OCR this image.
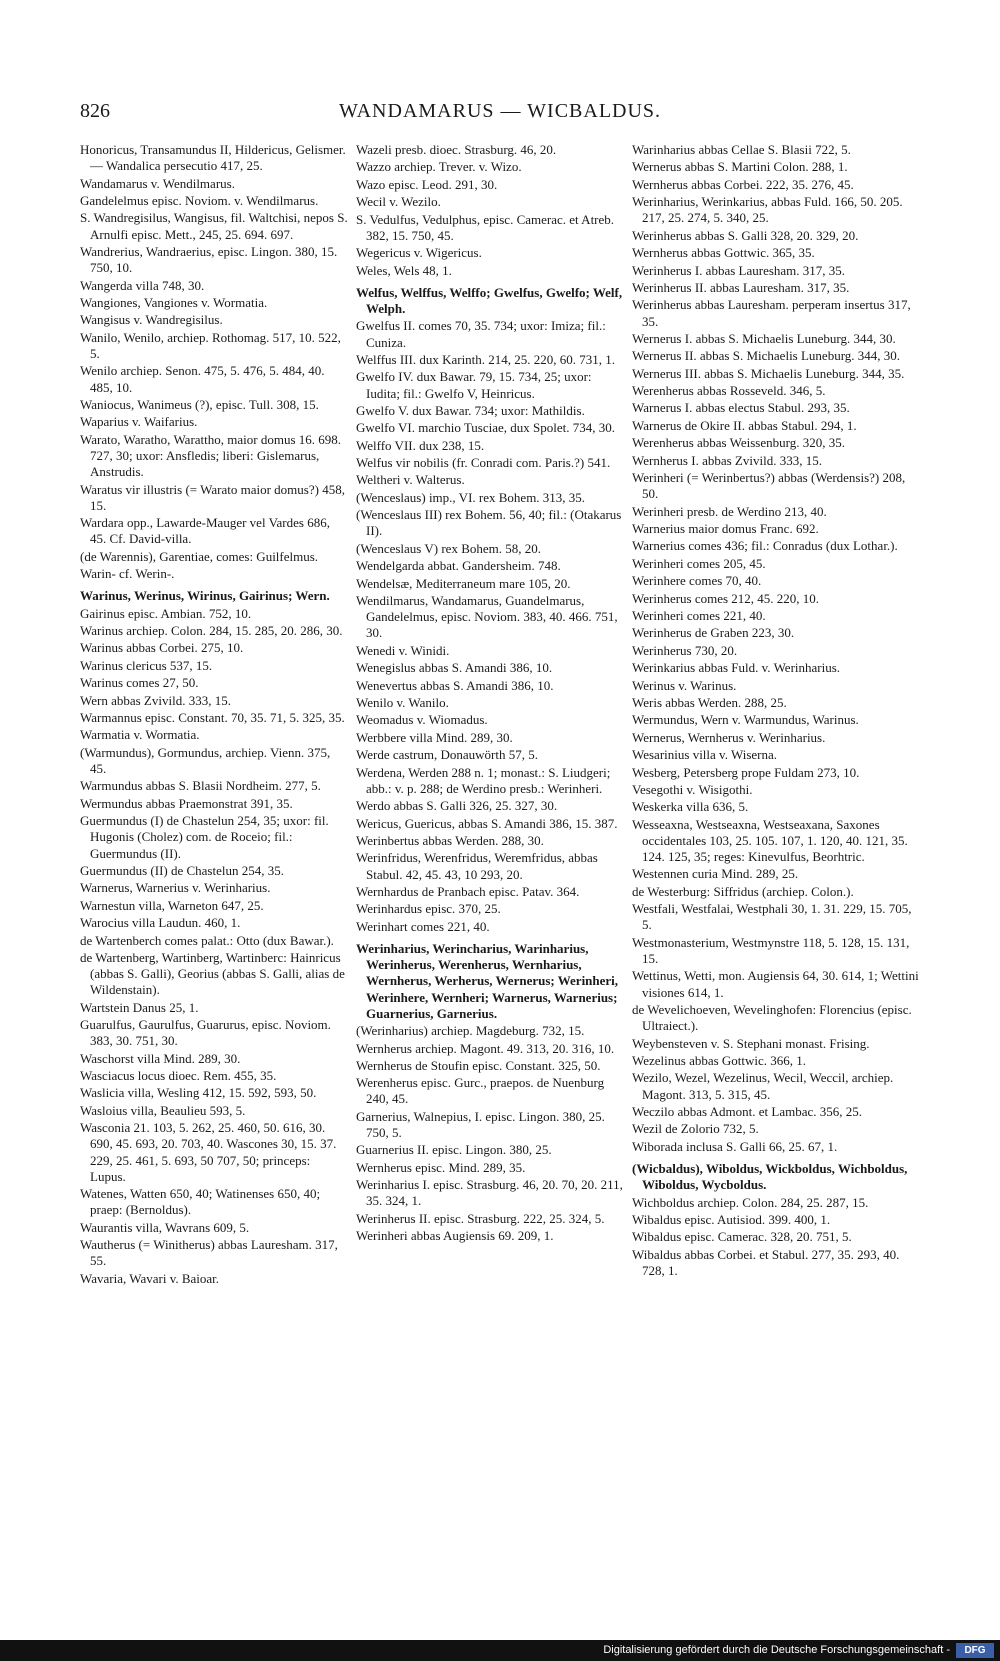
826	WANDAMARUS — WICBALDUS.

Honoricus, Transamundus II, Hildericus, Gelismer. — Wandalica persecutio 417, 25.

Wandamarus v. Wendilmarus.

Gandelelmus episc. Noviom. v. Wendilmarus.

S. Wandregisilus, Wangisus, fil. Waltchisi, nepos S. Arnulfi episc. Mett., 245, 25. 694. 697.

Wandrerius, Wandraerius, episc. Lingon. 380, 15. 750, 10.

Wangerda villa 748, 30.

Wangiones, Vangiones v. Wormatia.

Wangisus v. Wandregisilus.

Wanilo, Wenilo, archiep. Rothomag. 517, 10. 522, 5.

Wenilo archiep. Senon. 475, 5. 476, 5. 484, 40. 485, 10.

Waniocus, Wanimeus (?), episc. Tull. 308, 15.

Waparius v. Waifarius.

Warato, Waratho, Warattho, maior domus 16. 698. 727, 30; uxor: Ansfledis; liberi: Gislemarus, Anstrudis.

Waratus vir illustris (= Warato maior domus?) 458, 15.

Wardara opp., Lawarde-Mauger vel Vardes 686, 45. Cf. David-villa.

(de Warennis), Garentiae, comes: Guilfelmus.

Warin- cf. Werin-.

Warinus, Werinus, Wirinus, Gairinus; Wern.

Gairinus episc. Ambian. 752, 10.

Warinus archiep. Colon. 284, 15. 285, 20. 286, 30.

Warinus abbas Corbei. 275, 10.

Warinus clericus 537, 15.

Warinus comes 27, 50.

Wern abbas Zvivild. 333, 15.

Warmannus episc. Constant. 70, 35. 71, 5. 325, 35.

Warmatia v. Wormatia.

(Warmundus), Gormundus, archiep. Vienn. 375, 45.

Warmundus abbas S. Blasii Nordheim. 277, 5.

Wermundus abbas Praemonstrat 391, 35.

Guermundus (I) de Chastelun 254, 35; uxor: fil. Hugonis (Cholez) com. de Roceio; fil.: Guermundus (II).

Guermundus (II) de Chastelun 254, 35.

Warnerus, Warnerius v. Werinharius.

Warnestun villa, Warneton 647, 25.

Warocius villa Laudun. 460, 1.

de Wartenberch comes palat.: Otto (dux Bawar.).

de Wartenberg, Wartinberg, Wartinberc: Hainricus (abbas S. Galli), Georius (abbas S. Galli, alias de Wildenstain).

Wartstein Danus 25, 1.

Guarulfus, Gaurulfus, Guarurus, episc. Noviom. 383, 30. 751, 30.

Waschorst villa Mind. 289, 30.

Wasciacus locus dioec. Rem. 455, 35.

Waslicia villa, Wesling 412, 15. 592, 593, 50.

Wasloius villa, Beaulieu 593, 5.

Wasconia 21. 103, 5. 262, 25. 460, 50. 616, 30. 690, 45. 693, 20. 703, 40. Wascones 30, 15. 37. 229, 25. 461, 5. 693, 50 707, 50; princeps: Lupus.

Watenes, Watten 650, 40; Watinenses 650, 40; praep: (Bernoldus).

Waurantis villa, Wavrans 609, 5.

Wautherus (= Winitherus) abbas Lauresham. 317, 55.

Wavaria, Wavari v. Baioar.

Wazeli presb. dioec. Strasburg. 46, 20.

Wazzo archiep. Trever. v. Wizo.

Wazo episc. Leod. 291, 30.

Wecil v. Wezilo.

S. Vedulfus, Vedulphus, episc. Camerac. et Atreb. 382, 15. 750, 45.

Wegericus v. Wigericus.

Weles, Wels 48, 1.

Welfus, Welffus, Welffo; Gwelfus, Gwelfo; Welf, Welph.

Gwelfus II. comes 70, 35. 734; uxor: Imiza; fil.: Cuniza.

Welffus III. dux Karinth. 214, 25. 220, 60. 731, 1.

Gwelfo IV. dux Bawar. 79, 15. 734, 25; uxor: Iudita; fil.: Gwelfo V, Heinricus.

Gwelfo V. dux Bawar. 734; uxor: Mathildis.

Gwelfo VI. marchio Tusciae, dux Spolet. 734, 30.

Welffo VII. dux 238, 15.

Welfus vir nobilis (fr. Conradi com. Paris.?) 541.

Weltheri v. Walterus.

(Wenceslaus) imp., VI. rex Bohem. 313, 35.

(Wenceslaus III) rex Bohem. 56, 40; fil.: (Otakarus II).

(Wenceslaus V) rex Bohem. 58, 20.

Wendelgarda abbat. Gandersheim. 748.

Wendelsæ, Mediterraneum mare 105, 20.

Wendilmarus, Wandamarus, Guandelmarus, Gandelelmus, episc. Noviom. 383, 40. 466. 751, 30.

Wenedi v. Winidi.

Wenegislus abbas S. Amandi 386, 10.

Wenevertus abbas S. Amandi 386, 10.

Wenilo v. Wanilo.

Weomadus v. Wiomadus.

Werbbere villa Mind. 289, 30.

Werde castrum, Donauwörth 57, 5.

Werdena, Werden 288 n. 1; monast.: S. Liudgeri; abb.: v. p. 288; de Werdino presb.: Werinheri.

Werdo abbas S. Galli 326, 25. 327, 30.

Wericus, Guericus, abbas S. Amandi 386, 15. 387.

Werinbertus abbas Werden. 288, 30.

Werinfridus, Werenfridus, Weremfridus, abbas Stabul. 42, 45. 43, 10 293, 20.

Wernhardus de Pranbach episc. Patav. 364.

Werinhardus episc. 370, 25.

Werinhart comes 221, 40.

Werinharius, Werincharius, Warinharius, Werinherus, Werenherus, Wernharius, Wernherus, Werherus, Wernerus; Werinheri, Werinhere, Wernheri; Warnerus, Warnerius; Guarnerius, Garnerius.

(Werinharius) archiep. Magdeburg. 732, 15.

Wernherus archiep. Magont. 49. 313, 20. 316, 10.

Wernherus de Stoufin episc. Constant. 325, 50.

Werenherus episc. Gurc., praepos. de Nuenburg 240, 45.

Garnerius, Walnepius, I. episc. Lingon. 380, 25. 750, 5.

Guarnerius II. episc. Lingon. 380, 25.

Wernherus episc. Mind. 289, 35.

Werinharius I. episc. Strasburg. 46, 20. 70, 20. 211, 35. 324, 1.

Werinherus II. episc. Strasburg. 222, 25. 324, 5.

Werinheri abbas Augiensis 69. 209, 1.

Warinharius abbas Cellae S. Blasii 722, 5.

Wernerus abbas S. Martini Colon. 288, 1.

Wernherus abbas Corbei. 222, 35. 276, 45.

Werinharius, Werinkarius, abbas Fuld. 166, 50. 205. 217, 25. 274, 5. 340, 25.

Werinherus abbas S. Galli 328, 20. 329, 20.

Wernherus abbas Gottwic. 365, 35.

Werinherus I. abbas Lauresham. 317, 35.

Werinherus II. abbas Lauresham. 317, 35.

Werinherus abbas Lauresham. perperam insertus 317, 35.

Wernerus I. abbas S. Michaelis Luneburg. 344, 30.

Wernerus II. abbas S. Michaelis Luneburg. 344, 30.

Wernerus III. abbas S. Michaelis Luneburg. 344, 35.

Werenherus abbas Rosseveld. 346, 5.

Warnerus I. abbas electus Stabul. 293, 35.

Warnerus de Okire II. abbas Stabul. 294, 1.

Werenherus abbas Weissenburg. 320, 35.

Wernherus I. abbas Zvivild. 333, 15.

Werinheri (= Werinbertus?) abbas (Werdensis?) 208, 50.

Werinheri presb. de Werdino 213, 40.

Warnerius maior domus Franc. 692.

Warnerius comes 436; fil.: Conradus (dux Lothar.).

Werinheri comes 205, 45.

Werinhere comes 70, 40.

Werinherus comes 212, 45. 220, 10.

Werinheri comes 221, 40.

Werinherus de Graben 223, 30.

Werinherus 730, 20.

Werinkarius abbas Fuld. v. Werinharius.

Werinus v. Warinus.

Weris abbas Werden. 288, 25.

Wermundus, Wern v. Warmundus, Warinus.

Wernerus, Wernherus v. Werinharius.

Wesarinius villa v. Wiserna.

Wesberg, Petersberg prope Fuldam 273, 10.

Vesegothi v. Wisigothi.

Weskerka villa 636, 5.

Wesseaxna, Westseaxna, Westseaxana, Saxones occidentales 103, 25. 105. 107, 1. 120, 40. 121, 35. 124. 125, 35; reges: Kinevulfus, Beorhtric.

Westennen curia Mind. 289, 25.

de Westerburg: Siffridus (archiep. Colon.).

Westfali, Westfalai, Westphali 30, 1. 31. 229, 15. 705, 5.

Westmonasterium, Westmynstre 118, 5. 128, 15. 131, 15.

Wettinus, Wetti, mon. Augiensis 64, 30. 614, 1; Wettini visiones 614, 1.

de Wevelichoeven, Wevelinghofen: Florencius (episc. Ultraiect.).

Weybensteven v. S. Stephani monast. Frising.

Wezelinus abbas Gottwic. 366, 1.

Wezilo, Wezel, Wezelinus, Wecil, Weccil, archiep. Magont. 313, 5. 315, 45.

Weczilo abbas Admont. et Lambac. 356, 25.

Wezil de Zolorio 732, 5.

Wiborada inclusa S. Galli 66, 25. 67, 1.

(Wicbaldus), Wiboldus, Wickboldus, Wichboldus, Wiboldus, Wycboldus.

Wichboldus archiep. Colon. 284, 25. 287, 15.

Wibaldus episc. Autisiod. 399. 400, 1.

Wibaldus episc. Camerac. 328, 20. 751, 5.

Wibaldus abbas Corbei. et Stabul. 277, 35. 293, 40. 728, 1.

Digitalisierung gefördert durch die Deutsche Forschungsgemeinschaft -	DFG
